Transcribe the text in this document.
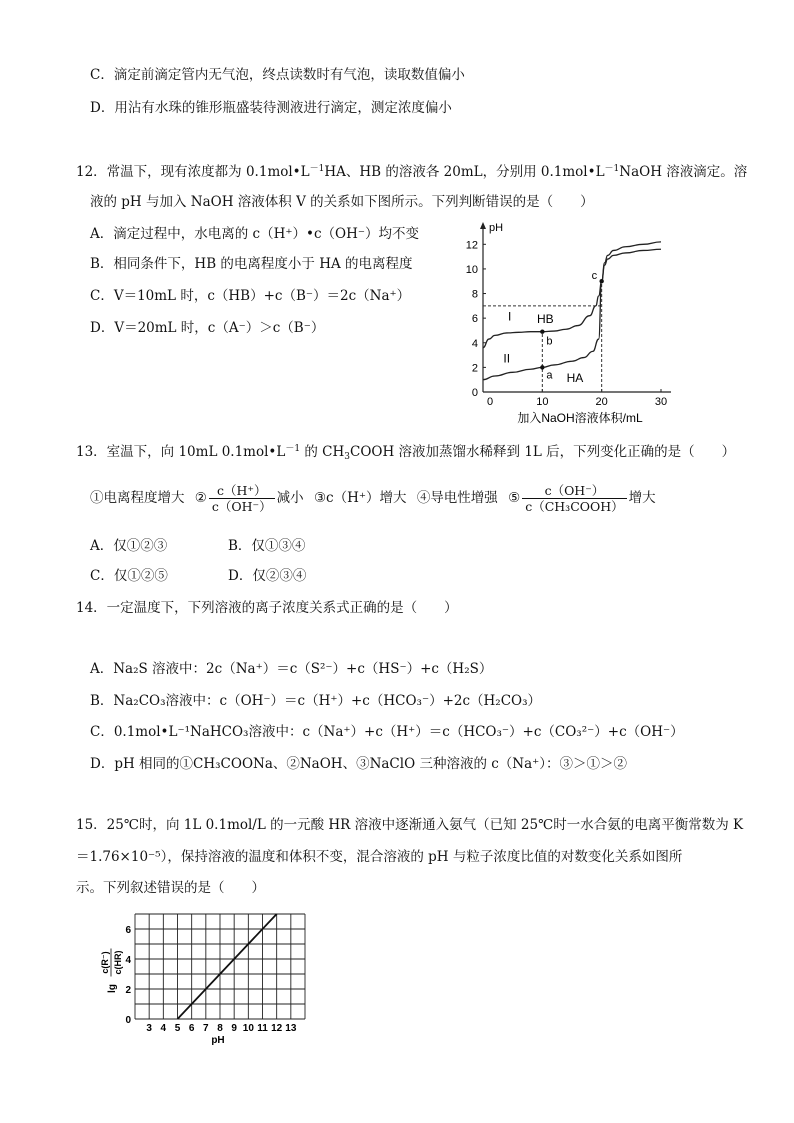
C．滴定前滴定管内无气泡，终点读数时有气泡，读取数值偏小
D．用沾有水珠的锥形瓶盛装待测液进行滴定，测定浓度偏小
12．常温下，现有浓度都为 $0.1mol•L^{-1}HA$、HB 的溶液各 20mL，分别用 $0.1mol•L^{-1}NaOH$ 溶液滴定。溶
液的 pH 与加入 NaOH 溶液体积 V 的关系如下图所示。下列判断错误的是（　　）
A．滴定过程中，水电离的 c（H⁺）•c（OH⁻）均不变
B．相同条件下，HB 的电离程度小于 HA 的电离程度
C．V＝10mL 时，c（HB）+c（B⁻）＝2c（Na⁺）
D．V＝20mL 时，c（A⁻）＞c（B⁻）
pH
0
2
4
6
8
10
12
0	10	20	30
加入NaOH溶液体积/mL
I HB
II
HA
a
b
c
13．室温下，向 10mL $0.1mol•L^{-1}$ 的 $CH_3COOH$ 溶液加蒸馏水稀释到 1L 后，下列变化正确的是（　　）
①电离程度增大 ② $\frac{c(H^+)}{c(OH^-)}$ 减小 ③c（H⁺）增大 ④导电性增强 ⑤ $\frac{c(OH^-)}{\text{c（CH₃COOH）}}$ 增大
A．仅①②③	B．仅①③④
C．仅①②⑤	D．仅②③④
14．一定温度下，下列溶液的离子浓度关系式正确的是（　　）
A．Na₂S 溶液中：2c（Na⁺）＝c（S²⁻）+c（HS⁻）+c（H₂S）
B．Na₂CO₃溶液中：c（OH⁻）＝c（H⁺）+c（HCO₃⁻）+2c（H₂CO₃）
C．0.1mol•L⁻¹NaHCO₃溶液中：c（Na⁺）+c（H⁺）＝c（HCO₃⁻）+c（CO₃²⁻）+c（OH⁻）
D．pH 相同的①CH₃COONa、②NaOH、③NaClO 三种溶液的 c（Na⁺）：③＞①＞②
15．25℃时，向 1L 0.1mol/L 的一元酸 HR 溶液中逐渐通入氨气（已知 25℃时一水合氨的电离平衡常数为 K
＝1.76×10⁻⁵），保持溶液的温度和体积不变，混合溶液的 pH 与粒子浓度比值的对数变化关系如图所
示。下列叙述错误的是（　　）
0
2
4
6
3 4 5 6 7 8 9 10 11 12 13
pH
lg
c(R⁻) c(HR)
